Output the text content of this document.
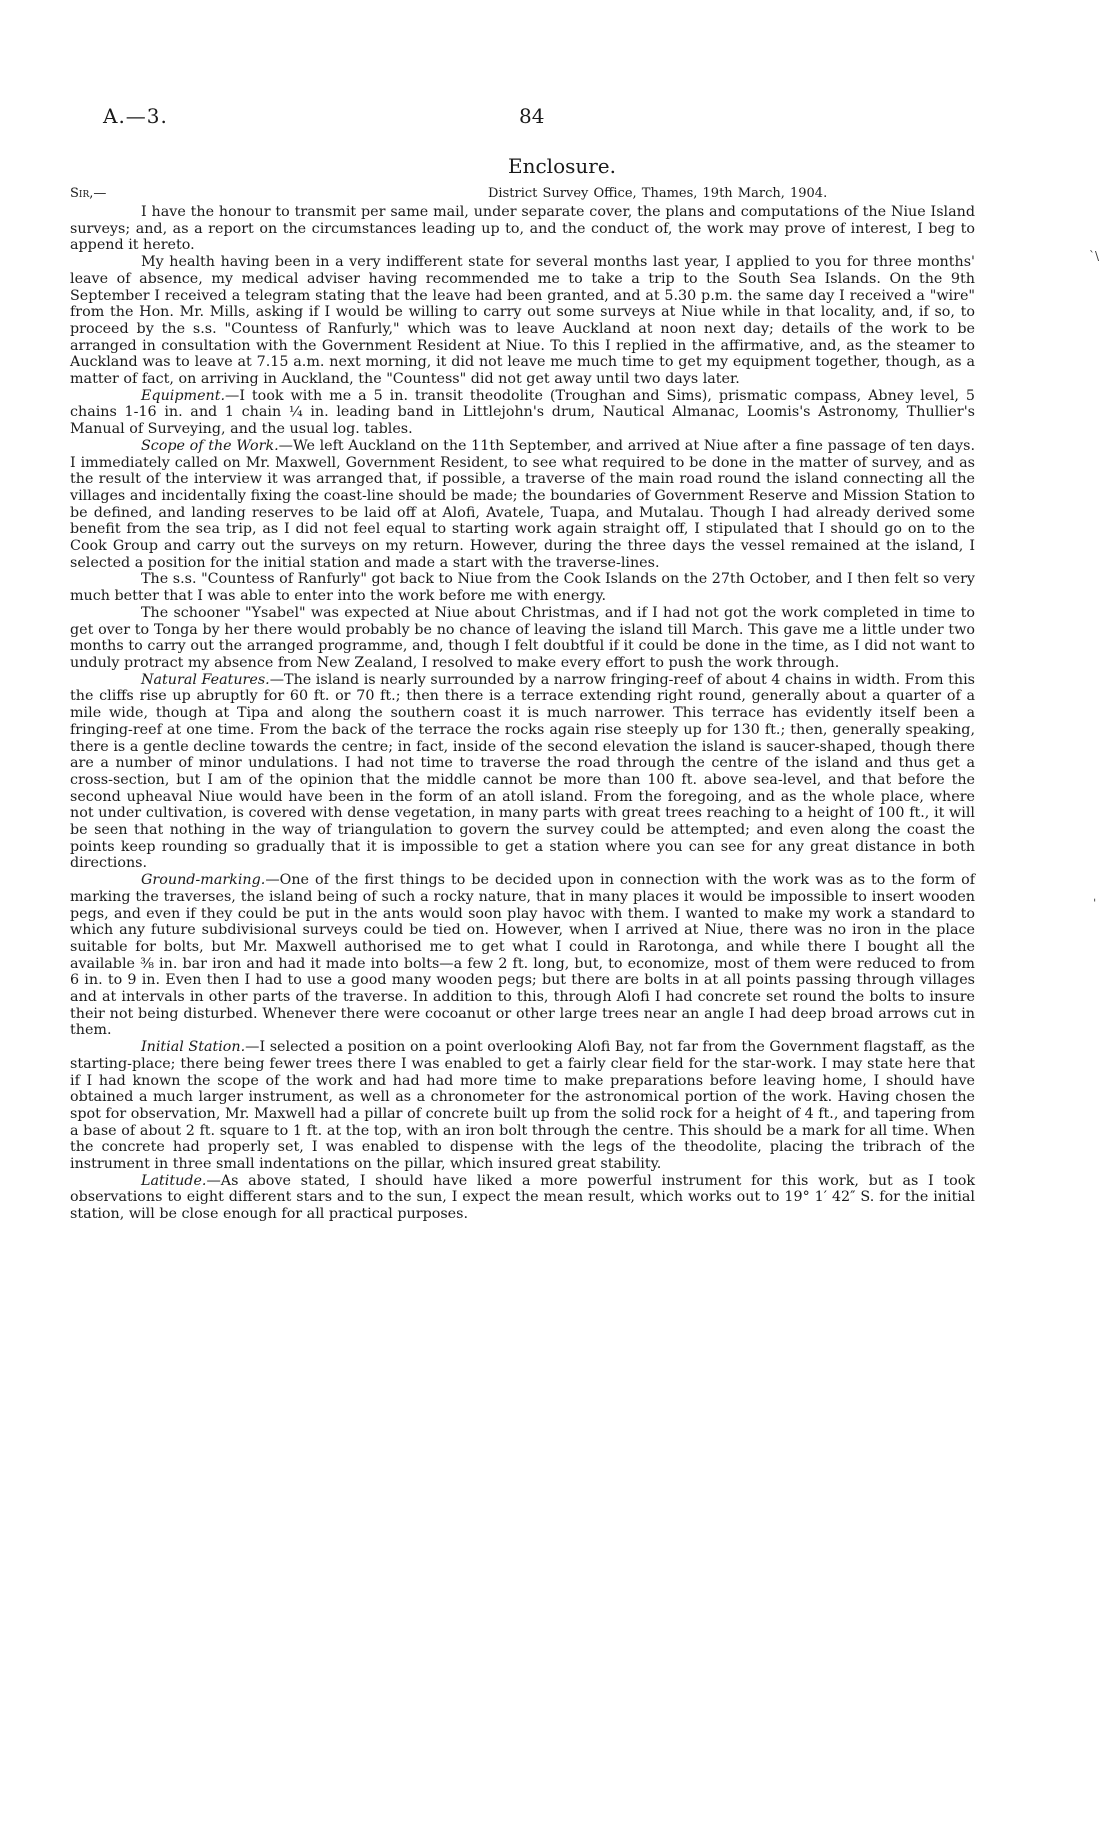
A.—3.	84
Enclosure.
Sir,—	District Survey Office, Thames, 19th March, 1904.

I have the honour to transmit per same mail, under separate cover, the plans and computations of the Niue Island surveys; and, as a report on the circumstances leading up to, and the conduct of, the work may prove of interest, I beg to append it hereto.

My health having been in a very indifferent state for several months last year, I applied to you for three months' leave of absence, my medical adviser having recommended me to take a trip to the South Sea Islands. On the 9th September I received a telegram stating that the leave had been granted, and at 5.30 p.m. the same day I received a "wire" from the Hon. Mr. Mills, asking if I would be willing to carry out some surveys at Niue while in that locality, and, if so, to proceed by the s.s. "Countess of Ranfurly," which was to leave Auckland at noon next day; details of the work to be arranged in consultation with the Government Resident at Niue. To this I replied in the affirmative, and, as the steamer to Auckland was to leave at 7.15 a.m. next morning, it did not leave me much time to get my equipment together, though, as a matter of fact, on arriving in Auckland, the "Countess" did not get away until two days later.

Equipment.—I took with me a 5 in. transit theodolite (Troughan and Sims), prismatic compass, Abney level, 5 chains 1-16 in. and 1 chain ¼ in. leading band in Littlejohn's drum, Nautical Almanac, Loomis's Astronomy, Thullier's Manual of Surveying, and the usual log. tables.

Scope of the Work.—We left Auckland on the 11th September, and arrived at Niue after a fine passage of ten days. I immediately called on Mr. Maxwell, Government Resident, to see what required to be done in the matter of survey, and as the result of the interview it was arranged that, if possible, a traverse of the main road round the island connecting all the villages and incidentally fixing the coast-line should be made; the boundaries of Government Reserve and Mission Station to be defined, and landing reserves to be laid off at Alofi, Avatele, Tuapa, and Mutalau. Though I had already derived some benefit from the sea trip, as I did not feel equal to starting work again straight off, I stipulated that I should go on to the Cook Group and carry out the surveys on my return. However, during the three days the vessel remained at the island, I selected a position for the initial station and made a start with the traverse-lines.

The s.s. "Countess of Ranfurly" got back to Niue from the Cook Islands on the 27th October, and I then felt so very much better that I was able to enter into the work before me with energy.

The schooner "Ysabel" was expected at Niue about Christmas, and if I had not got the work completed in time to get over to Tonga by her there would probably be no chance of leaving the island till March. This gave me a little under two months to carry out the arranged programme, and, though I felt doubtful if it could be done in the time, as I did not want to unduly protract my absence from New Zealand, I resolved to make every effort to push the work through.

Natural Features.—The island is nearly surrounded by a narrow fringing-reef of about 4 chains in width. From this the cliffs rise up abruptly for 60 ft. or 70 ft.; then there is a terrace extending right round, generally about a quarter of a mile wide, though at Tipa and along the southern coast it is much narrower. This terrace has evidently itself been a fringing-reef at one time. From the back of the terrace the rocks again rise steeply up for 130 ft.; then, generally speaking, there is a gentle decline towards the centre; in fact, inside of the second elevation the island is saucer-shaped, though there are a number of minor undulations. I had not time to traverse the road through the centre of the island and thus get a cross-section, but I am of the opinion that the middle cannot be more than 100 ft. above sea-level, and that before the second upheaval Niue would have been in the form of an atoll island. From the foregoing, and as the whole place, where not under cultivation, is covered with dense vegetation, in many parts with great trees reaching to a height of 100 ft., it will be seen that nothing in the way of triangulation to govern the survey could be attempted; and even along the coast the points keep rounding so gradually that it is impossible to get a station where you can see for any great distance in both directions.

Ground-marking.—One of the first things to be decided upon in connection with the work was as to the form of marking the traverses, the island being of such a rocky nature, that in many places it would be impossible to insert wooden pegs, and even if they could be put in the ants would soon play havoc with them. I wanted to make my work a standard to which any future subdivisional surveys could be tied on. However, when I arrived at Niue, there was no iron in the place suitable for bolts, but Mr. Maxwell authorised me to get what I could in Rarotonga, and while there I bought all the available ⅜ in. bar iron and had it made into bolts—a few 2 ft. long, but, to economize, most of them were reduced to from 6 in. to 9 in. Even then I had to use a good many wooden pegs; but there are bolts in at all points passing through villages and at intervals in other parts of the traverse. In addition to this, through Alofi I had concrete set round the bolts to insure their not being disturbed. Whenever there were cocoanut or other large trees near an angle I had deep broad arrows cut in them.

Initial Station.—I selected a position on a point overlooking Alofi Bay, not far from the Government flagstaff, as the starting-place; there being fewer trees there I was enabled to get a fairly clear field for the star-work. I may state here that if I had known the scope of the work and had had more time to make preparations before leaving home, I should have obtained a much larger instrument, as well as a chronometer for the astronomical portion of the work. Having chosen the spot for observation, Mr. Maxwell had a pillar of concrete built up from the solid rock for a height of 4 ft., and tapering from a base of about 2 ft. square to 1 ft. at the top, with an iron bolt through the centre. This should be a mark for all time. When the concrete had properly set, I was enabled to dispense with the legs of the theodolite, placing the tribrach of the instrument in three small indentations on the pillar, which insured great stability.

Latitude.—As above stated, I should have liked a more powerful instrument for this work, but as I took observations to eight different stars and to the sun, I expect the mean result, which works out to 19° 1′ 42″ S. for the initial station, will be close enough for all practical purposes.

`\
ˌ
